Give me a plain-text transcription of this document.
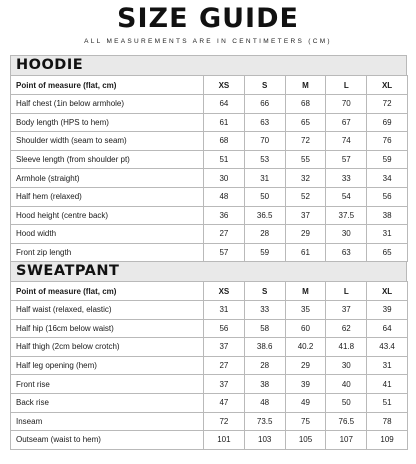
SIZE GUIDE
ALL MEASUREMENTS ARE IN CENTIMETERS (CM)
HOODIE
Point of measure (flat, cm)	XS	S	M	L	XL
Half chest (1in below armhole)	64	66	68	70	72
Body length (HPS to hem)	61	63	65	67	69
Shoulder width (seam to seam)	68	70	72	74	76
Sleeve length (from shoulder pt)	51	53	55	57	59
Armhole (straight)	30	31	32	33	34
Half hem (relaxed)	48	50	52	54	56
Hood height (centre back)	36	36.5	37	37.5	38
Hood width	27	28	29	30	31
Front zip length	57	59	61	63	65
SWEATPANT
Point of measure (flat, cm)	XS	S	M	L	XL
Half waist (relaxed, elastic)	31	33	35	37	39
Half hip (16cm below waist)	56	58	60	62	64
Half thigh (2cm below crotch)	37	38.6	40.2	41.8	43.4
Half leg opening (hem)	27	28	29	30	31
Front rise	37	38	39	40	41
Back rise	47	48	49	50	51
Inseam	72	73.5	75	76.5	78
Outseam (waist to hem)	101	103	105	107	109
